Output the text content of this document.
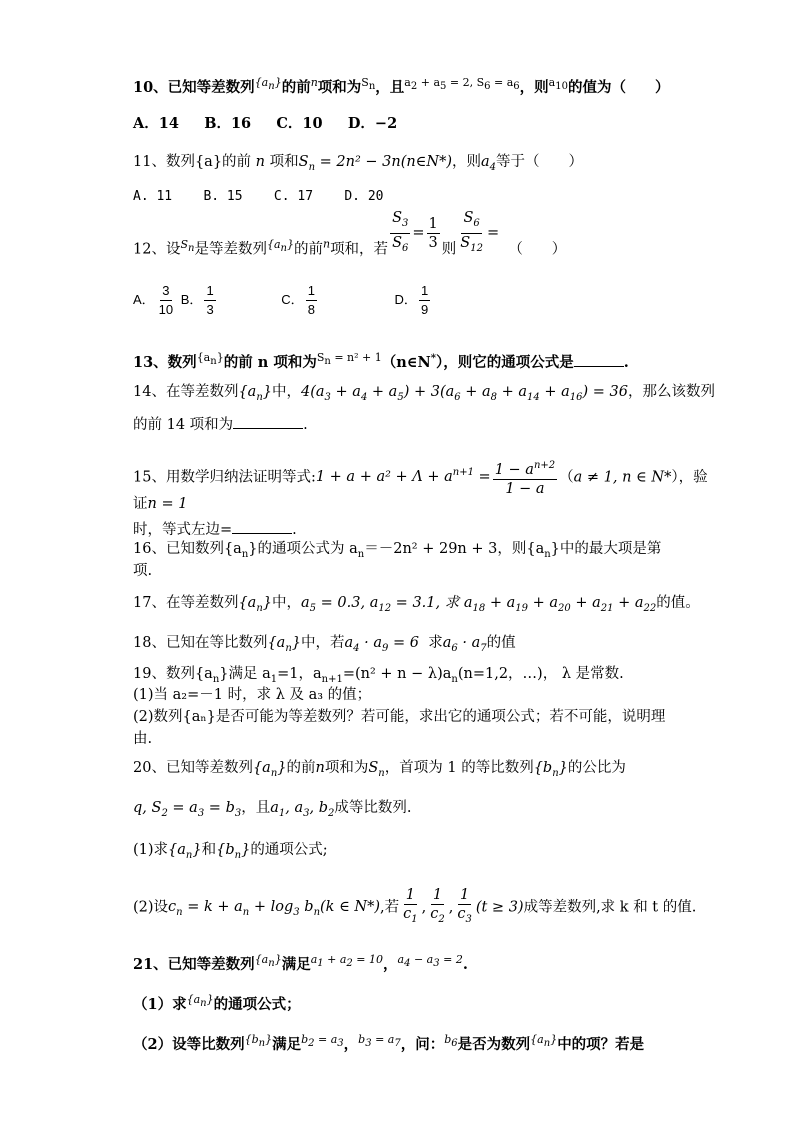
10、已知等差数列$^{\{a_n\}}$的前$^n$项和为$^{S_n}$，且$^{a_2 + a_5 = 2, S_6 = a_6}$，则$^{a_{10}}$的值为（　　）
A．14 B．16 C．10 D．−2
11、数列{a}的前 n 项和$S_n = 2n^2$ − 3n(n∈N*)，则$a_4$等于（　　）
A. 11 B. 15 C. 17 D. 20
12、设$^{S_n}$是等差数列$^{\{a_n\}}$的前$^n$项和，若 $\frac{S_3}{S_6} = \frac{1}{3}$ 则 $\frac{S_6}{S_{12}}$ =  （　　）
A． $\frac{3}{10}$ B． $\frac{1}{3}$	C． $\frac{1}{8}$	D． $\frac{1}{9}$
13、数列$^{\{a_n\}}$的前 n 项和为$^{S_n = n^2 + 1}$（n∈N*），则它的通项公式是	.
14、在等差数列$\{a_n\}$中，$4(a_3 + a_4 + a_5) + 3(a_6 + a_8 + a_{14} + a_{16}) = 36$，那么该数列
的前 14 项和为	.
15、用数学归纳法证明等式:1 + $a + a^2 + \Lambda + a^{n+1} = \frac{1 - a^{n+2}}{1 - a} (a \ne 1$, n ∈ N*），验
证n = 1
时，等式左边=	.
16、已知数列$\{a_n\}$的通项公式为 $a_n=-2n^2 + 29n + 3$，则$\{a_n\}$中的最大项是第
项.
17、在等差数列$\{a_n\}$中，$a_5 = 0.3$, $a_{12} = 3.1$, 求 $a_{18} + a_{19} + a_{20} + a_{21} + a_{22}$的值。
18、已知在等比数列$\{a_n\}$中，若$a_4 \cdot a_9 = 6$ 求$a_6 \cdot a_7$的值
19、数列$\{a_n\}$满足 $a_1=1$，$a_{n+1}=(n^2 + n - \lambda)a_n(n=1,2$，…)， λ 是常数.
(1)当 a₂=－1 时，求 λ 及 a₃ 的值；
(2)数列{aₙ}是否可能为等差数列？若可能，求出它的通项公式；若不可能，说明理
由.
20、已知等差数列$\{a_n\}$的前n项和为$S_n$，首项为 1 的等比数列$\{b_n\}$的公比为
q, $S_2 = a_3 = b_3$，且$a_1$, $a_3$, $b_2$成等比数列.
(1)求$\{a_n\}$和$\{b_n\}$的通项公式;
(2)设$c_n = k + a_n + \log_3 b_n(k$ ∈ N*),若 $\frac{1}{c_1}$ , $\frac{1}{c_2}$ , $\frac{1}{c_3} (t \ge 3)$成等差数列,求 k 和 t 的值.
21、已知等差数列$^{\{a_n\}}$满足$^{a_1 + a_2 = 10}$，$^{a_4 - a_3 = 2}$.
（1）求$^{\{a_n\}}$的通项公式；
（2）设等比数列$^{\{b_n\}}$满足$^{b_2 = a_3}$，$^{b_3 = a_7}$，问：$^{b_6}$是否为数列$^{\{a_n\}}$中的项？若是
